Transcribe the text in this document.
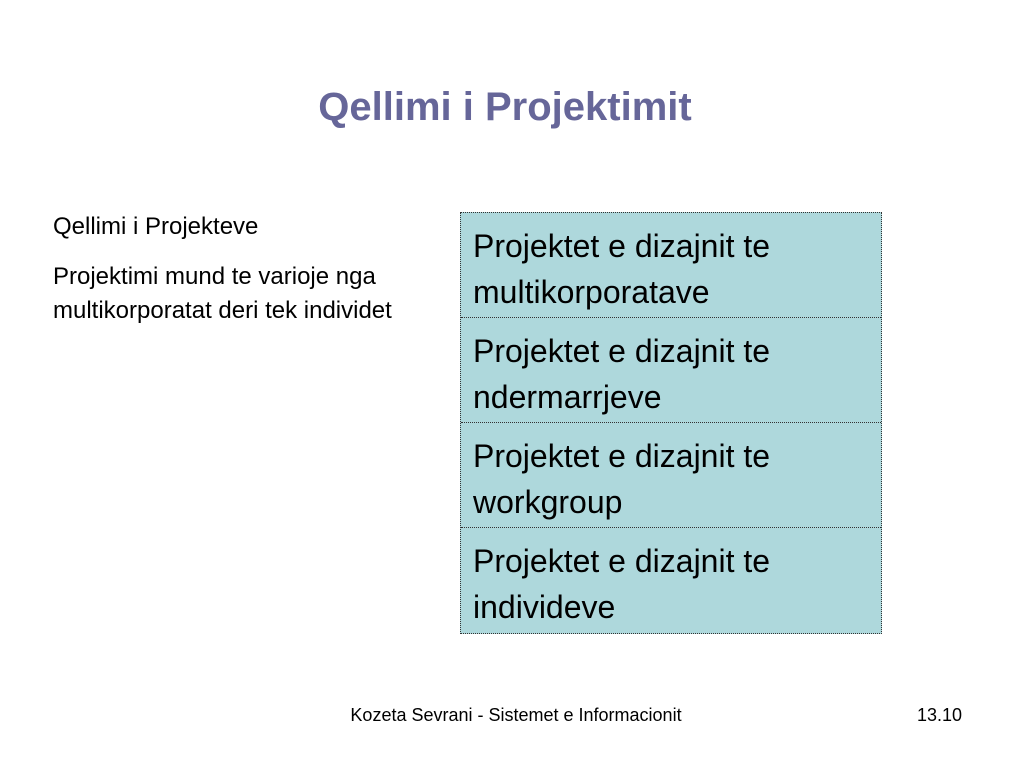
Qellimi i Projektimit

Qellimi i Projekteve

Projektimi mund te varioje nga multikorporatat deri tek individet

Projektet e dizajnit te multikorporatave
Projektet e dizajnit te ndermarrjeve
Projektet e dizajnit te workgroup
Projektet e dizajnit te individeve
Kozeta Sevrani - Sistemet e Informacionit	13.10
